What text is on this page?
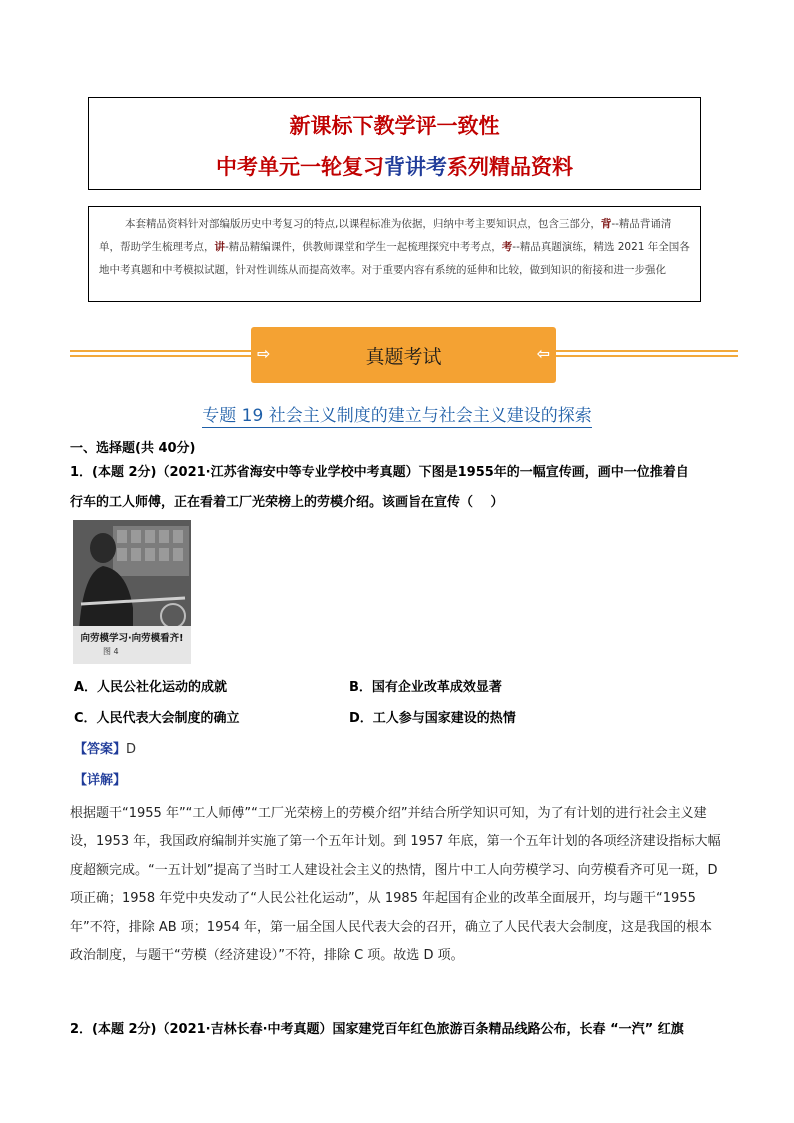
新课标下教学评一致性
中考单元一轮复习背讲考系列精品资料
本套精品资料针对部编版历史中考复习的特点,以课程标准为依据，归纳中考主要知识点，包含三部分，背--精品背诵清单，帮助学生梳理考点，讲-精品精编课件，供教师课堂和学生一起梳理探究中考考点，考--精品真题演练，精选 2021 年全国各地中考真题和中考模拟试题，针对性训练从而提高效率。对于重要内容有系统的延伸和比较，做到知识的衔接和进一步强化
⇨	真题考试	⇦
专题 19 社会主义制度的建立与社会主义建设的探索
一、选择题(共 40分)
1．(本题 2分)（2021·江苏省海安中等专业学校中考真题）下图是1955年的一幅宣传画，画中一位推着自
行车的工人师傅，正在看着工厂光荣榜上的劳模介绍。该画旨在宣传（　 ）
向劳模学习·向劳模看齐!
图 4
A．人民公社化运动的成就	B．国有企业改革成效显著
C．人民代表大会制度的确立	D．工人参与国家建设的热情
【答案】D
【详解】
根据题干“1955 年”“工人师傅”“工厂光荣榜上的劳模介绍”并结合所学知识可知，为了有计划的进行社会主义建设，1953 年，我国政府编制并实施了第一个五年计划。到 1957 年底，第一个五年计划的各项经济建设指标大幅度超额完成。“一五计划”提高了当时工人建设社会主义的热情，图片中工人向劳模学习、向劳模看齐可见一斑，D 项正确；1958 年党中央发动了“人民公社化运动”，从 1985 年起国有企业的改革全面展开，均与题干“1955 年”不符，排除 AB 项；1954 年，第一届全国人民代表大会的召开，确立了人民代表大会制度，这是我国的根本政治制度，与题干“劳模（经济建设）”不符，排除 C 项。故选 D 项。
2．(本题 2分)（2021·吉林长春·中考真题）国家建党百年红色旅游百条精品线路公布，长春 “一汽” 红旗
